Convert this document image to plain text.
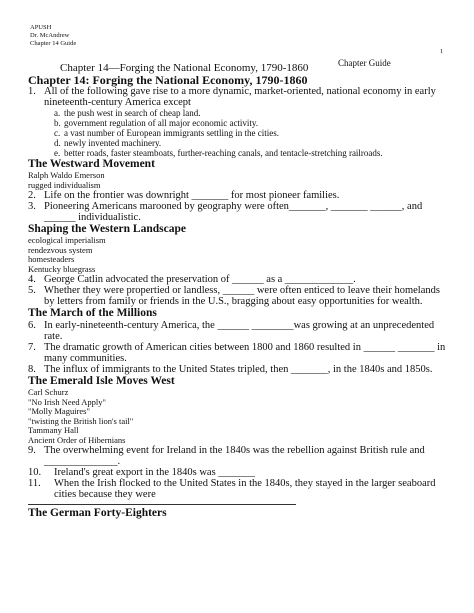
APUSH
Dr. McAndrew
Chapter 14 Guide
1
Chapter Guide
Chapter 14—Forging the National Economy, 1790-1860
Chapter 14: Forging the National Economy, 1790-1860
1. All of the following gave rise to a more dynamic, market-oriented, national economy in early nineteenth-century America except
a. the push west in search of cheap land.
b. government regulation of all major economic activity.
c. a vast number of European immigrants settling in the cities.
d. newly invented machinery.
e. better roads, faster steamboats, further-reaching canals, and tentacle-stretching railroads.
The Westward Movement
Ralph Waldo Emerson
rugged individualism
2. Life on the frontier was downright _______ for most pioneer families.
3. Pioneering Americans marooned by geography were often_______, _______ ______, and ______ individualistic.
Shaping the Western Landscape
ecological imperialism
rendezvous system
homesteaders
Kentucky bluegrass
4. George Catlin advocated the preservation of ______ as a _____________.
5. Whether they were propertied or landless, ______ were often enticed to leave their homelands by letters from family or friends in the U.S., bragging about easy opportunities for wealth.
The March of the Millions
6. In early-nineteenth-century America, the ______ ________was growing at an unprecedented rate.
7. The dramatic growth of American cities between 1800 and 1860 resulted in ______ _______ in many communities.
8. The influx of immigrants to the United States tripled, then _______, in the 1840s and 1850s.
The Emerald Isle Moves West
Carl Schurz
"No Irish Need Apply"
"Molly Maguires"
"twisting the British lion's tail"
Tammany Hall
Ancient Order of Hibernians
9. The overwhelming event for Ireland in the 1840s was the rebellion against British rule and ______________.
10.	Ireland's great export in the 1840s was _______
11.	When the Irish flocked to the United States in the 1840s, they stayed in the larger seaboard cities because they were
The German Forty-Eighters
